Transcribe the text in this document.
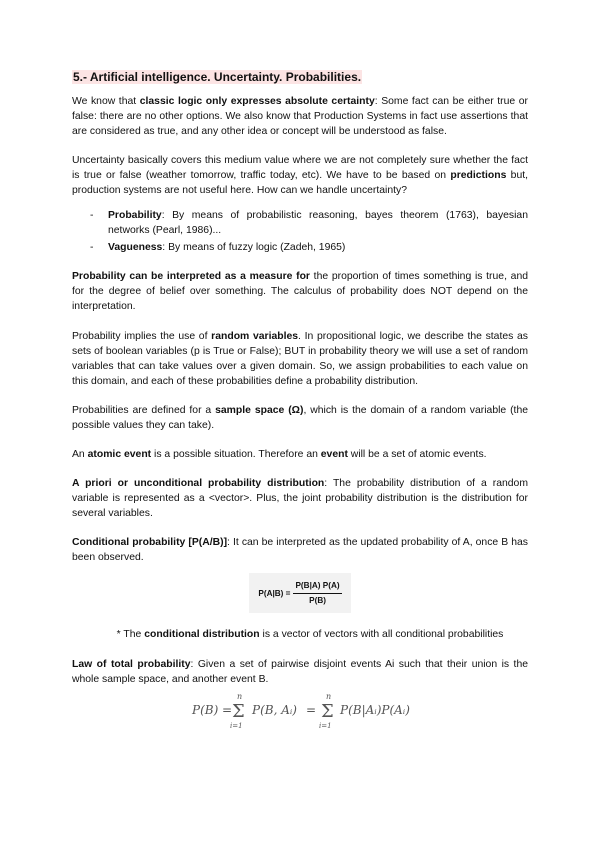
5.- Artificial intelligence. Uncertainty. Probabilities.

We know that classic logic only expresses absolute certainty: Some fact can be either true or false: there are no other options. We also know that Production Systems in fact use assertions that are considered as true, and any other idea or concept will be understood as false.

Uncertainty basically covers this medium value where we are not completely sure whether the fact is true or false (weather tomorrow, traffic today, etc). We have to be based on predictions but, production systems are not useful here. How can we handle uncertainty?

- Probability: By means of probabilistic reasoning, bayes theorem (1763), bayesian networks (Pearl, 1986)...
- Vagueness: By means of fuzzy logic (Zadeh, 1965)

Probability can be interpreted as a measure for the proportion of times something is true, and for the degree of belief over something. The calculus of probability does NOT depend on the interpretation.

Probability implies the use of random variables. In propositional logic, we describe the states as sets of boolean variables (p is True or False); BUT in probability theory we will use a set of random variables that can take values over a given domain. So, we assign probabilities to each value on this domain, and each of these probabilities define a probability distribution.

Probabilities are defined for a sample space (Ω), which is the domain of a random variable (the possible values they can take).

An atomic event is a possible situation. Therefore an event will be a set of atomic events.

A priori or unconditional probability distribution: The probability distribution of a random variable is represented as a <vector>. Plus, the joint probability distribution is the distribution for several variables.

Conditional probability [P(A/B)]: It can be interpreted as the updated probability of A, once B has been observed.

$P(A|B) = \frac{P(B|A) P(A)}{P(B)}$

* The conditional distribution is a vector of vectors with all conditional probabilities

Law of total probability: Given a set of pairwise disjoint events Ai such that their union is the whole sample space, and another event B.

P(B) =
n
Σ
i=1
P(B, Aᵢ) =
n
Σ
i=1
P(B|Aᵢ)P(Aᵢ)
